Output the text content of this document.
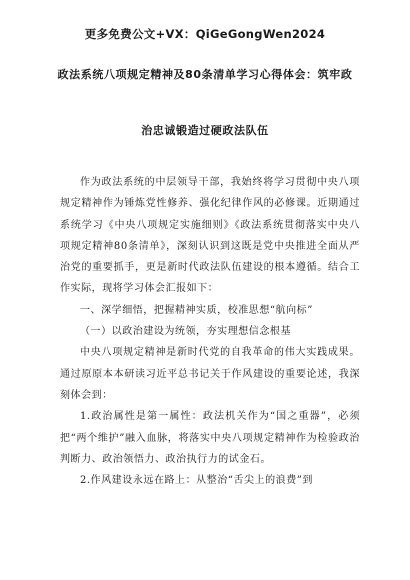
更多免费公文+VX：QiGeGongWen2024
政法系统八项规定精神及80条清单学习心得体会：筑牢政
治忠诚锻造过硬政法队伍

作为政法系统的中层领导干部，我始终将学习贯彻中央八项规定精神作为锤炼党性修养、强化纪律作风的必修课。近期通过系统学习《中央八项规定实施细则》《政法系统贯彻落实中央八项规定精神80条清单》，深刻认识到这既是党中央推进全面从严治党的重要抓手，更是新时代政法队伍建设的根本遵循。结合工作实际，现将学习体会汇报如下：

一、深学细悟，把握精神实质，校准思想“航向标”

（一）以政治建设为统领，夯实理想信念根基

中央八项规定精神是新时代党的自我革命的伟大实践成果。通过原原本本研读习近平总书记关于作风建设的重要论述，我深刻体会到：

1.政治属性是第一属性：政法机关作为“国之重器”，必须把“两个维护”融入血脉，将落实中央八项规定精神作为检验政治判断力、政治领悟力、政治执行力的试金石。

2.作风建设永远在路上：从整治“舌尖上的浪费”到
